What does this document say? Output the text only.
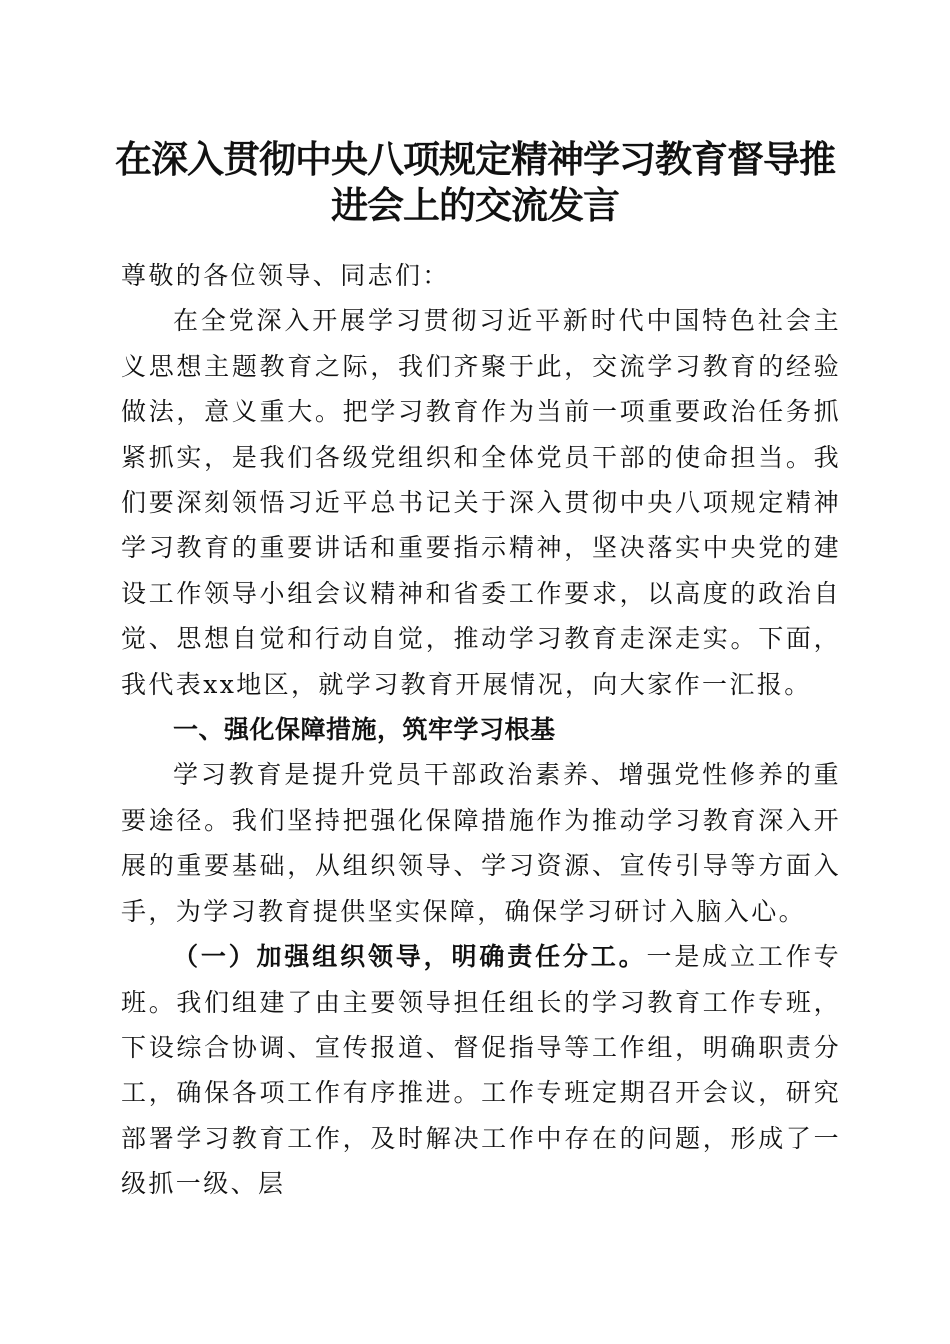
在深入贯彻中央八项规定精神学习教育督导推进会上的交流发言

尊敬的各位领导、同志们：

在全党深入开展学习贯彻习近平新时代中国特色社会主义思想主题教育之际，我们齐聚于此，交流学习教育的经验做法，意义重大。把学习教育作为当前一项重要政治任务抓紧抓实，是我们各级党组织和全体党员干部的使命担当。我们要深刻领悟习近平总书记关于深入贯彻中央八项规定精神学习教育的重要讲话和重要指示精神，坚决落实中央党的建设工作领导小组会议精神和省委工作要求，以高度的政治自觉、思想自觉和行动自觉，推动学习教育走深走实。下面，我代表xx地区，就学习教育开展情况，向大家作一汇报。

一、强化保障措施，筑牢学习根基

学习教育是提升党员干部政治素养、增强党性修养的重要途径。我们坚持把强化保障措施作为推动学习教育深入开展的重要基础，从组织领导、学习资源、宣传引导等方面入手，为学习教育提供坚实保障，确保学习研讨入脑入心。

（一）加强组织领导，明确责任分工。一是成立工作专班。我们组建了由主要领导担任组长的学习教育工作专班，下设综合协调、宣传报道、督促指导等工作组，明确职责分工，确保各项工作有序推进。工作专班定期召开会议，研究部署学习教育工作，及时解决工作中存在的问题，形成了一级抓一级、层
